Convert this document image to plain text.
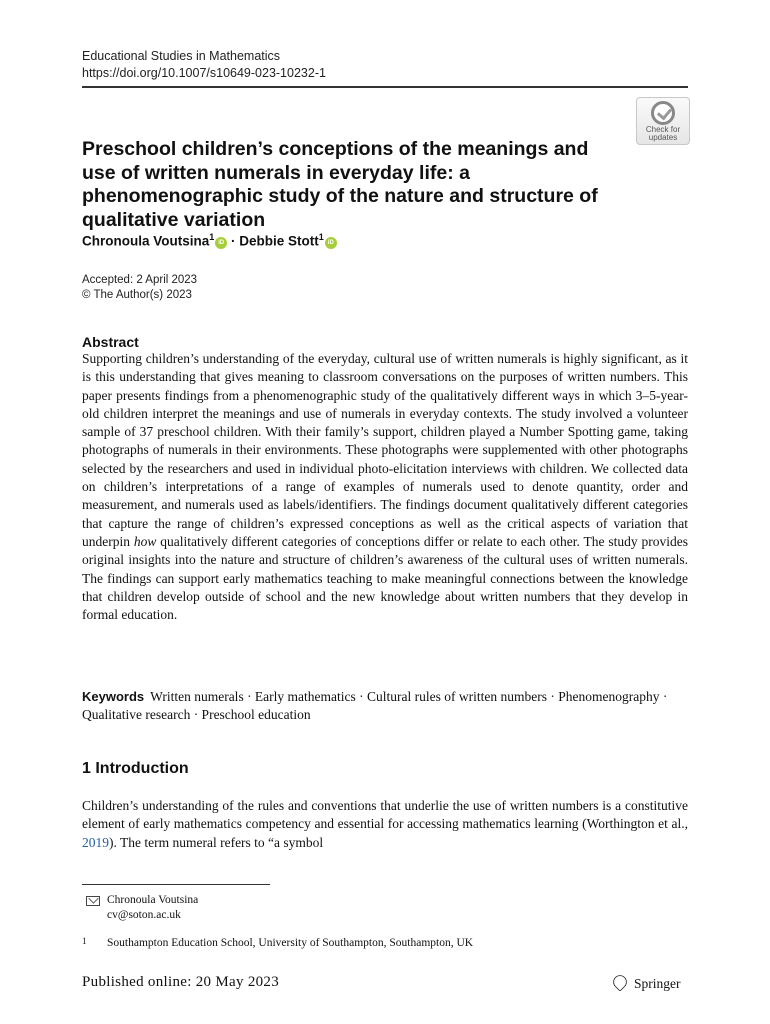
Educational Studies in Mathematics
https://doi.org/10.1007/s10649-023-10232-1
Check for
updates
Preschool children’s conceptions of the meanings and use of written numerals in everyday life: a phenomenographic study of the nature and structure of qualitative variation
Chronoula Voutsina$^1$iD · Debbie Stott$^1$iD
Accepted: 2 April 2023
© The Author(s) 2023
Abstract
Supporting children’s understanding of the everyday, cultural use of written numerals is highly significant, as it is this understanding that gives meaning to classroom conversations on the purposes of written numbers. This paper presents findings from a phenomenographic study of the qualitatively different ways in which 3–5-year-old children interpret the meanings and use of numerals in everyday contexts. The study involved a volunteer sample of 37 preschool children. With their family’s support, children played a Number Spotting game, taking photographs of numerals in their environments. These photographs were supplemented with other photographs selected by the researchers and used in individual photo-elicitation interviews with children. We collected data on children’s interpretations of a range of examples of numerals used to denote quantity, order and measurement, and numerals used as labels/identifiers. The findings document qualitatively different categories that capture the range of children’s expressed conceptions as well as the critical aspects of variation that underpin how qualitatively different categories of conceptions differ or relate to each other. The study provides original insights into the nature and structure of children’s awareness of the cultural uses of written numerals. The findings can support early mathematics teaching to make meaningful connections between the knowledge that children develop outside of school and the new knowledge about written numbers that they develop in formal education.
Keywords Written numerals · Early mathematics · Cultural rules of written numbers · Phenomenography · Qualitative research · Preschool education
1 Introduction
Children’s understanding of the rules and conventions that underlie the use of written numbers is a constitutive element of early mathematics competency and essential for accessing mathematics learning (Worthington et al., 2019). The term numeral refers to “a symbol
Chronoula Voutsina
cv@soton.ac.uk
1 Southampton Education School, University of Southampton, Southampton, UK
Published online: 20 May 2023	Springer
